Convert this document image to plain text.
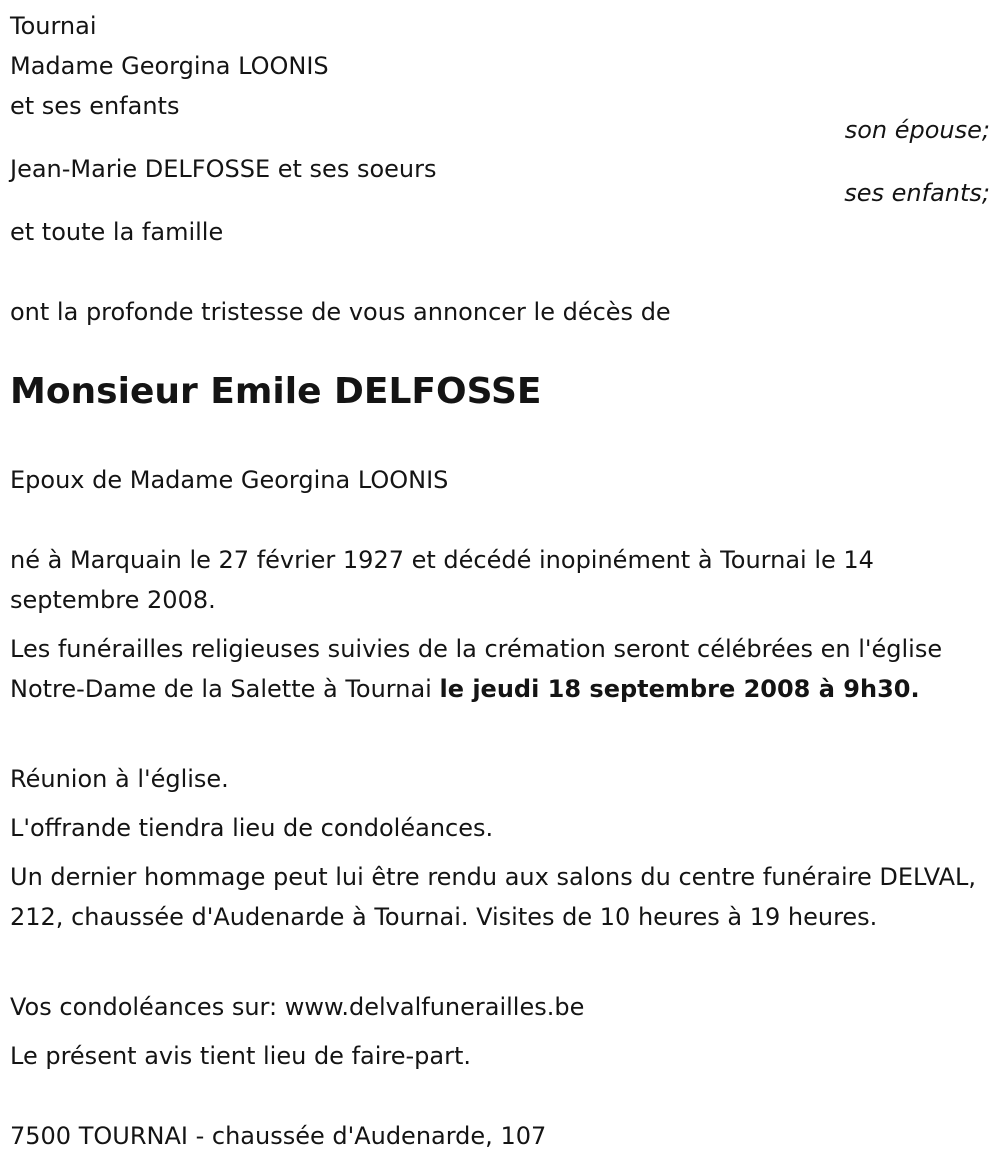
Tournai
Madame Georgina LOONIS
et ses enfants
son épouse;
Jean-Marie DELFOSSE et ses soeurs
ses enfants;
et toute la famille
ont la profonde tristesse de vous annoncer le décès de
Monsieur Emile DELFOSSE
Epoux de Madame Georgina LOONIS
né à Marquain le 27 février 1927 et décédé inopinément à Tournai le 14 septembre 2008.
Les funérailles religieuses suivies de la crémation seront célébrées en l'église Notre-Dame de la Salette à Tournai le jeudi 18 septembre 2008 à 9h30.
Réunion à l'église.
L'offrande tiendra lieu de condoléances.
Un dernier hommage peut lui être rendu aux salons du centre funéraire DELVAL, 212, chaussée d'Audenarde à Tournai. Visites de 10 heures à 19 heures.
Vos condoléances sur: www.delvalfunerailles.be
Le présent avis tient lieu de faire-part.
7500 TOURNAI - chaussée d'Audenarde, 107
